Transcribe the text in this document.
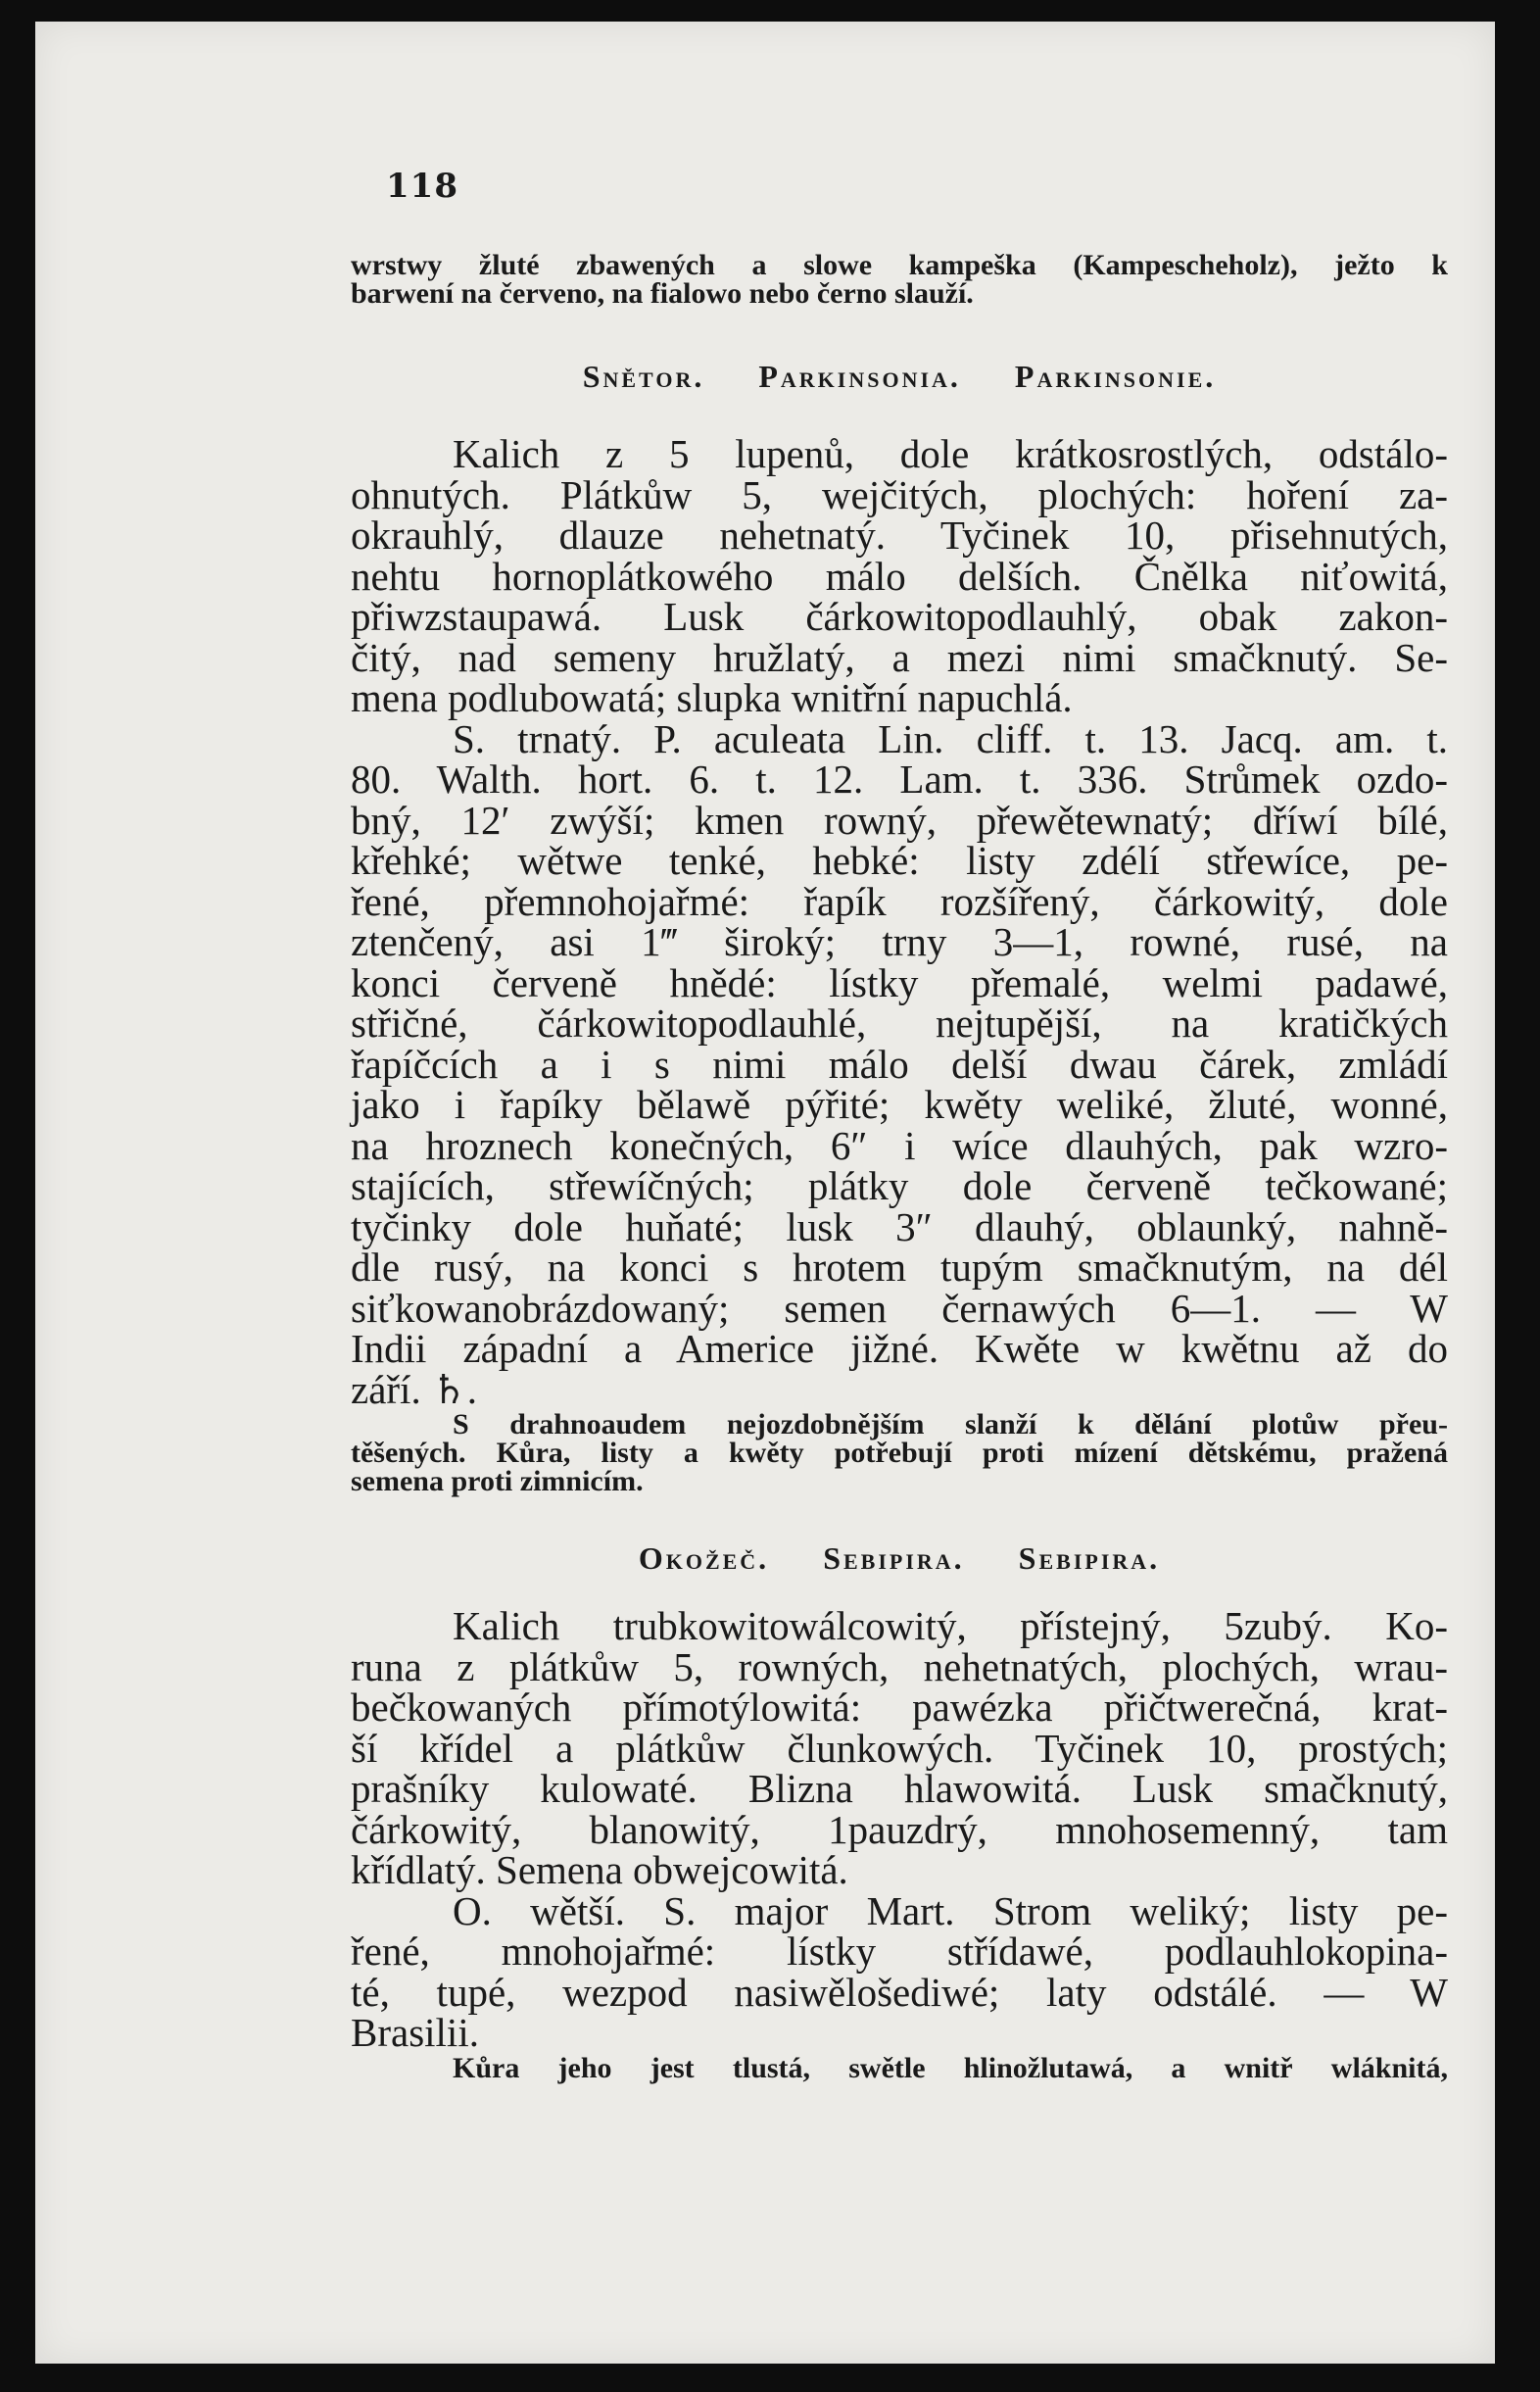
118
wrstwy žluté zbawených a slowe kampeška (Kampescheholz), ježto k
barwení na červeno, na fialowo nebo černo slauží.
Snětor. Parkinsonia. Parkinsonie.
Kalich z 5 lupenů, dole krátkosrostlých, odstálo-
ohnutých. Plátkůw 5, wejčitých, plochých: hoření za-
okrauhlý, dlauze nehetnatý. Tyčinek 10, přisehnutých,
nehtu hornoplátkowého málo delších. Čnělka niťowitá,
přiwzstaupawá. Lusk čárkowitopodlauhlý, obak zakon-
čitý, nad semeny hružlatý, a mezi nimi smačknutý. Se-
mena podlubowatá; slupka wnitřní napuchlá.
S. trnatý. P. aculeata Lin. cliff. t. 13. Jacq. am. t.
80. Walth. hort. 6. t. 12. Lam. t. 336. Strůmek ozdo-
bný, 12′ zwýší; kmen rowný, přewětewnatý; dříwí bílé,
křehké; wětwe tenké, hebké: listy zdélí střewíce, pe-
řené, přemnohojařmé: řapík rozšířený, čárkowitý, dole
ztenčený, asi 1‴ široký; trny 3—1, rowné, rusé, na
konci červeně hnědé: lístky přemalé, welmi padawé,
střičné, čárkowitopodlauhlé, nejtupější, na kratičkých
řapíčcích a i s nimi málo delší dwau čárek, zmládí
jako i řapíky bělawě pýřité; kwěty weliké, žluté, wonné,
na hroznech konečných, 6″ i wíce dlauhých, pak wzro-
stajících, střewíčných; plátky dole červeně tečkowané;
tyčinky dole huňaté; lusk 3″ dlauhý, oblaunký, nahně-
dle rusý, na konci s hrotem tupým smačknutým, na dél
siťkowanobrázdowaný; semen černawých 6—1. — W
Indii západní a Americe jižné. Kwěte w kwětnu až do
září. ♄.
S drahnoaudem nejozdobnějším slanží k dělání plotůw přeu-
těšených. Kůra, listy a kwěty potřebují proti mízení dětskému, pražená
semena proti zimnicím.
Okožeč. Sebipira. Sebipira.
Kalich trubkowitowálcowitý, přístejný, 5zubý. Ko-
runa z plátkůw 5, rowných, nehetnatých, plochých, wrau-
bečkowaných přímotýlowitá: pawézka přičtwerečná, krat-
ší křídel a plátkůw člunkowých. Tyčinek 10, prostých;
prašníky kulowaté. Blizna hlawowitá. Lusk smačknutý,
čárkowitý, blanowitý, 1pauzdrý, mnohosemenný, tam
křídlatý. Semena obwejcowitá.
O. wětší. S. major Mart. Strom weliký; listy pe-
řené, mnohojařmé: lístky střídawé, podlauhlokopina-
té, tupé, wezpod nasiwělošediwé; laty odstálé. — W
Brasilii.
Kůra jeho jest tlustá, swětle hlinožlutawá, a wnitř wláknitá,
